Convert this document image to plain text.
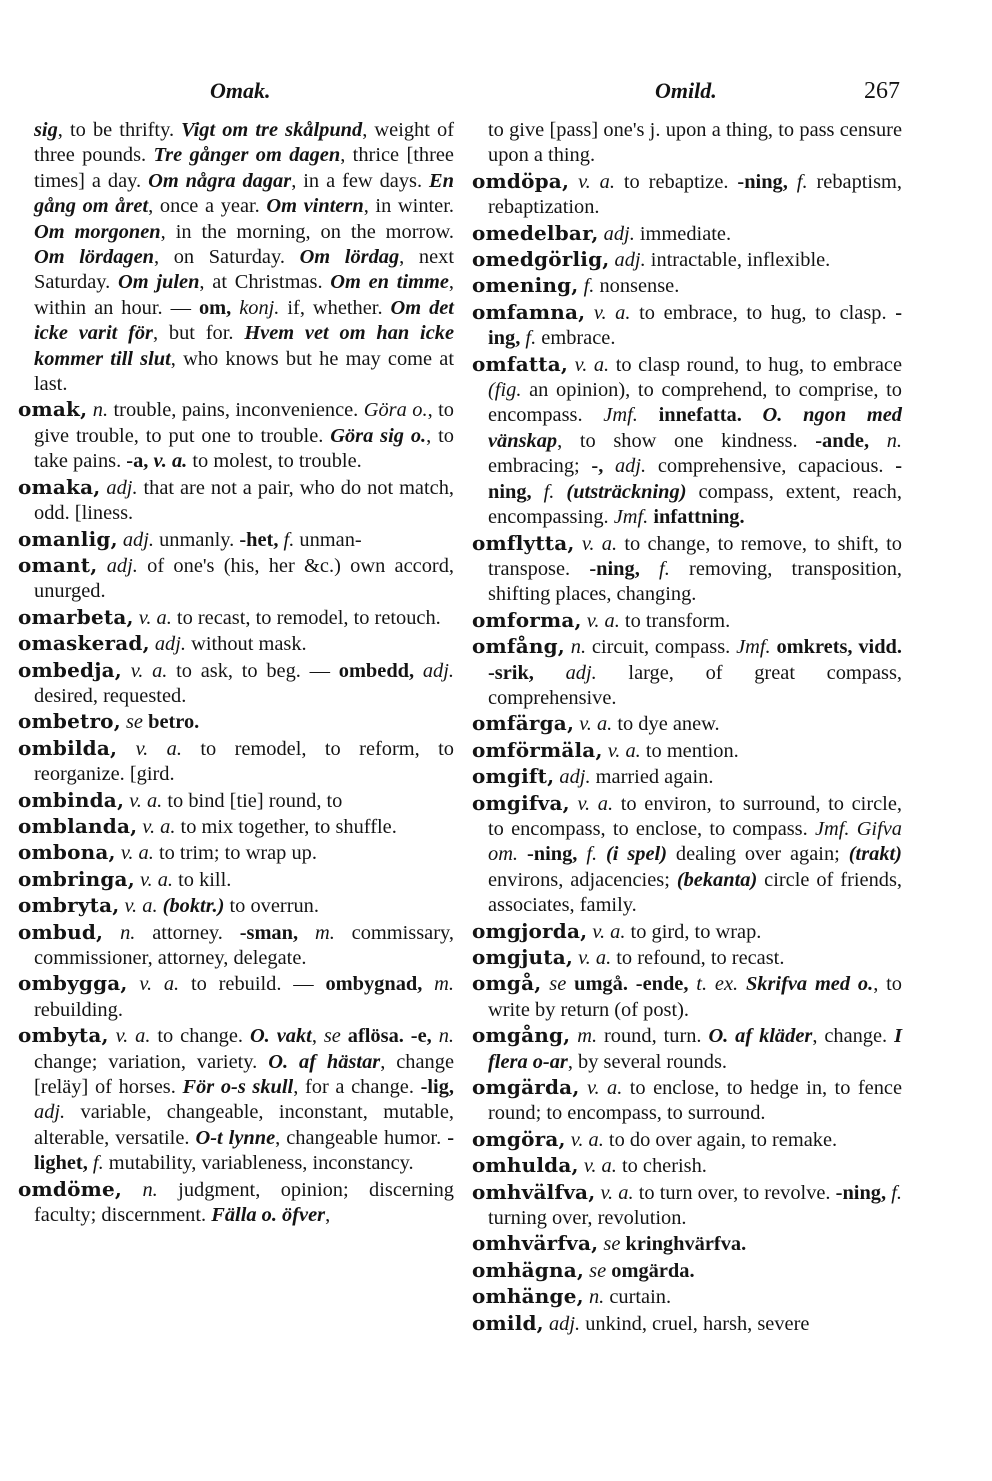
Omak.	Omild.	267

sig, to be thrifty. Vigt om tre skålpund, weight of three pounds. Tre gånger om dagen, thrice [three times] a day. Om några dagar, in a few days. En gång om året, once a year. Om vintern, in winter. Om morgonen, in the morning, on the morrow. Om lördagen, on Saturday. Om lördag, next Saturday. Om julen, at Christmas. Om en timme, within an hour. — om, konj. if, whether. Om det icke varit för, but for. Hvem vet om han icke kommer till slut, who knows but he may come at last.

omak, n. trouble, pains, inconvenience. Göra o., to give trouble, to put one to trouble. Göra sig o., to take pains. -a, v. a. to molest, to trouble.

omaka, adj. that are not a pair, who do not match, odd. [liness.

omanlig, adj. unmanly. -het, f. unman-

omant, adj. of one's (his, her &c.) own accord, unurged.

omarbeta, v. a. to recast, to remodel, to retouch.

omaskerad, adj. without mask.

ombedja, v. a. to ask, to beg. — ombedd, adj. desired, requested.

ombetro, se betro.

ombilda, v. a. to remodel, to reform, to reorganize. [gird.

ombinda, v. a. to bind [tie] round, to

omblanda, v. a. to mix together, to shuffle.

ombona, v. a. to trim; to wrap up.

ombringa, v. a. to kill.

ombryta, v. a. (boktr.) to overrun.

ombud, n. attorney. -sman, m. commissary, commissioner, attorney, delegate.

ombygga, v. a. to rebuild. — ombygnad, m. rebuilding.

ombyta, v. a. to change. O. vakt, se aflösa. -e, n. change; variation, variety. O. af hästar, change [reläy] of horses. För o-s skull, for a change. -lig, adj. variable, changeable, inconstant, mutable, alterable, versatile. O-t lynne, changeable humor. -lighet, f. mutability, variableness, inconstancy.

omdöme, n. judgment, opinion; discerning faculty; discernment. Fälla o. öfver,

to give [pass] one's j. upon a thing, to pass censure upon a thing.

omdöpa, v. a. to rebaptize. -ning, f. rebaptism, rebaptization.

omedelbar, adj. immediate.

omedgörlig, adj. intractable, inflexible.

omening, f. nonsense.

omfamna, v. a. to embrace, to hug, to clasp. -ing, f. embrace.

omfatta, v. a. to clasp round, to hug, to embrace (fig. an opinion), to comprehend, to comprise, to encompass. Jmf. innefatta. O. ngon med vänskap, to show one kindness. -ande, n. embracing; -, adj. comprehensive, capacious. -ning, f. (utsträckning) compass, extent, reach, encompassing. Jmf. infattning.

omflytta, v. a. to change, to remove, to shift, to transpose. -ning, f. removing, transposition, shifting places, changing.

omforma, v. a. to transform.

omfång, n. circuit, compass. Jmf. omkrets, vidd. -srik, adj. large, of great compass, comprehensive.

omfärga, v. a. to dye anew.

omförmäla, v. a. to mention.

omgift, adj. married again.

omgifva, v. a. to environ, to surround, to circle, to encompass, to enclose, to compass. Jmf. Gifva om. -ning, f. (i spel) dealing over again; (trakt) environs, adjacencies; (bekanta) circle of friends, associates, family.

omgjorda, v. a. to gird, to wrap.

omgjuta, v. a. to refound, to recast.

omgå, se umgå. -ende, t. ex. Skrifva med o., to write by return (of post).

omgång, m. round, turn. O. af kläder, change. I flera o-ar, by several rounds.

omgärda, v. a. to enclose, to hedge in, to fence round; to encompass, to surround.

omgöra, v. a. to do over again, to remake.

omhulda, v. a. to cherish.

omhvälfva, v. a. to turn over, to revolve. -ning, f. turning over, revolution.

omhvärfva, se kringhvärfva.

omhägna, se omgärda.

omhänge, n. curtain.

omild, adj. unkind, cruel, harsh, severe
